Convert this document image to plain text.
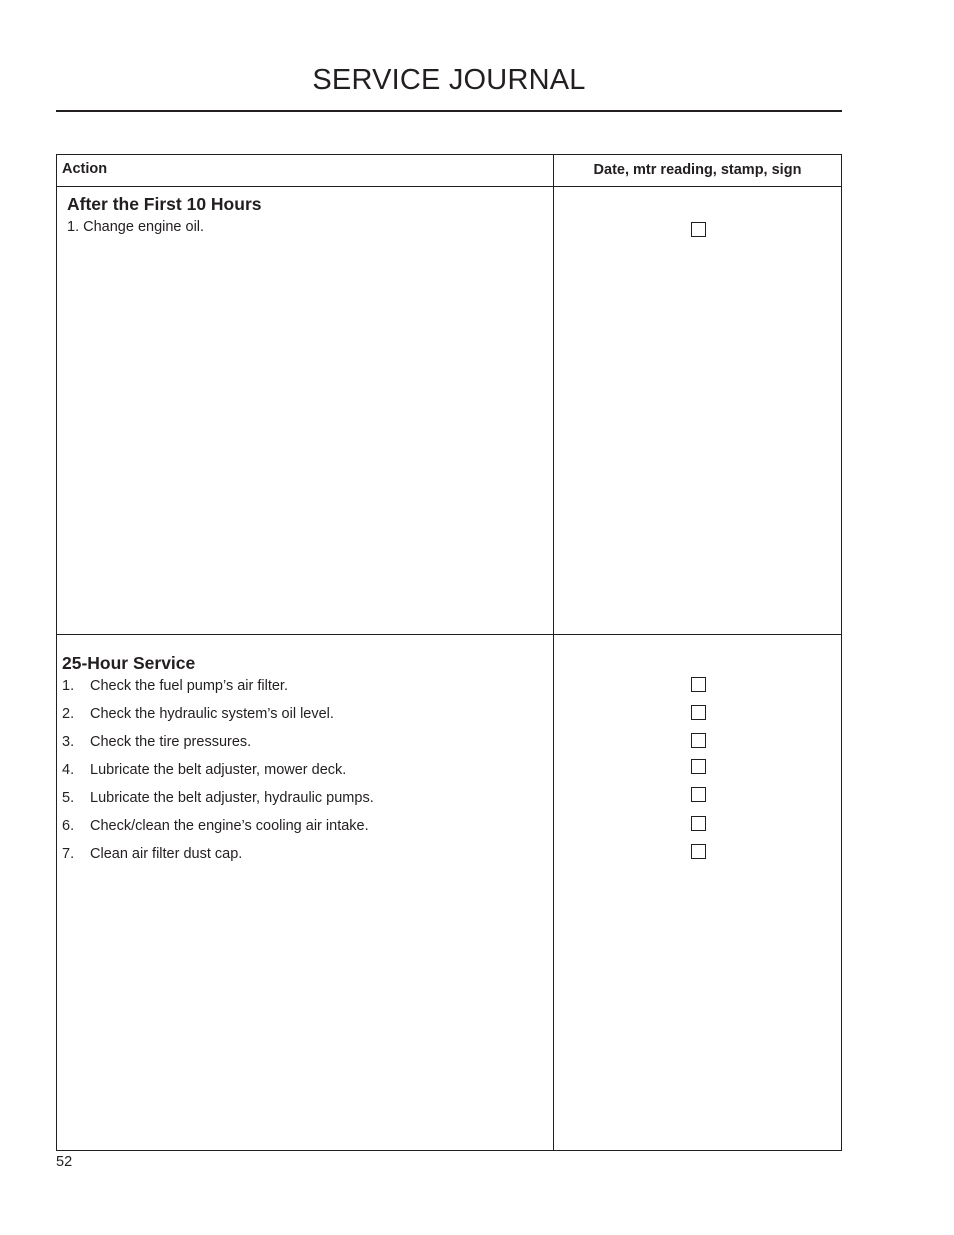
SERVICE JOURNAL
Action	Date, mtr reading, stamp, sign
After the First 10 Hours
1. Change engine oil.
25-Hour Service
1. Check the fuel pump’s air filter.
2. Check the hydraulic system’s oil level.
3. Check the tire pressures.
4. Lubricate the belt adjuster, mower deck.
5. Lubricate the belt adjuster, hydraulic pumps.
6. Check/clean the engine’s cooling air intake.
7. Clean air filter dust cap.
52
